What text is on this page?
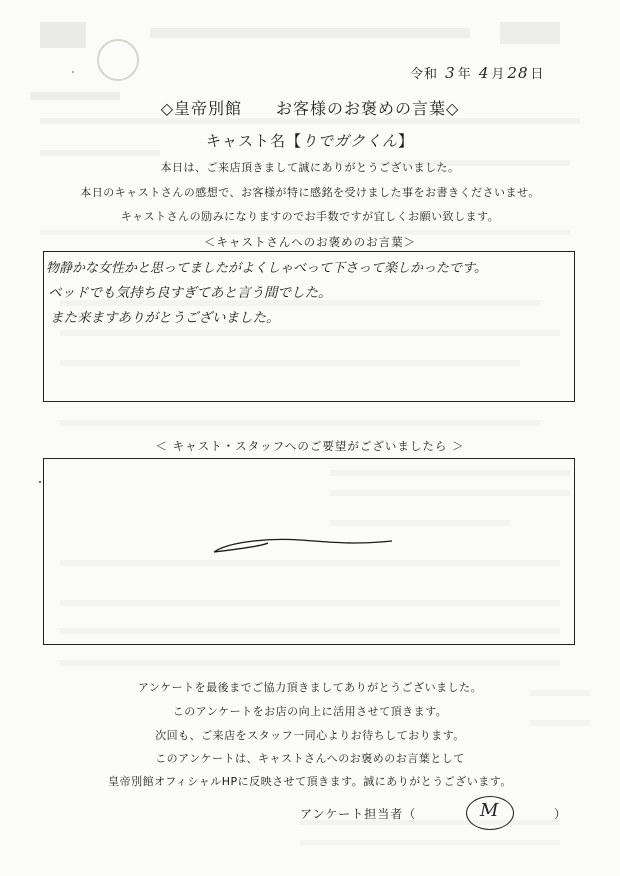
令和 3 年 4 月 28 日
◇皇帝別館　　お客様のお褒めの言葉◇
キャスト名【りでガクくん】
本日は、ご来店頂きまして誠にありがとうございました。
本日のキャストさんの感想で、お客様が特に感銘を受けました事をお書きくださいませ。
キャストさんの励みになりますのでお手数ですが宜しくお願い致します。
＜キャストさんへのお褒めのお言葉＞
物静かな女性かと思ってましたがよくしゃべって下さって楽しかったです。
ベッドでも気持ち良すぎてあと言う間でした。
また来ますありがとうございました。
＜ キャスト・スタッフへのご要望がございましたら ＞
アンケートを最後までご協力頂きましてありがとうございました。
このアンケートをお店の向上に活用させて頂きます。
次回も、ご来店をスタッフ一同心よりお待ちしております。
このアンケートは、キャストさんへのお褒めのお言葉として
皇帝別館オフィシャルHPに反映させて頂きます。誠にありがとうございます。
アンケート担当者（	M	）
